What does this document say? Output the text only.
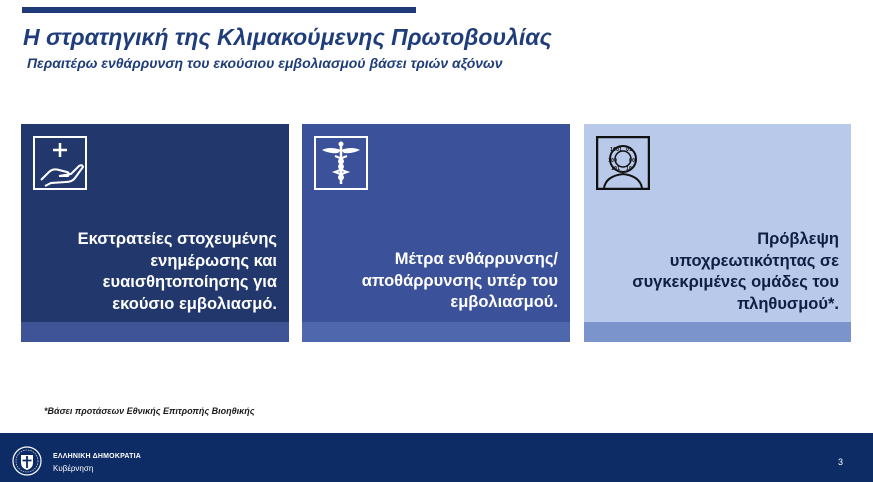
Η στρατηγική της Κλιμακούμενης Πρωτοβουλίας
Περαιτέρω ενθάρρυνση του εκούσιου εμβολιασμού βάσει τριών αξόνων
Εκστρατείες στοχευμένης
ενημέρωσης και
ευαισθητοποίησης για
εκούσιο εμβολιασμό.
Μέτρα ενθάρρυνσης/
αποθάρρυνσης υπέρ του
εμβολιασμού.
1001 01
100 00
101 10
Πρόβλεψη
υποχρεωτικότητας σε
συγκεκριμένες ομάδες του
πληθυσμού*.

*Βάσει προτάσεων Εθνικής Επιτροπής Βιοηθικής

ΕΛΛΗΝΙΚΗ ΔΗΜΟΚΡΑΤΙΑ
Κυβέρνηση
3
